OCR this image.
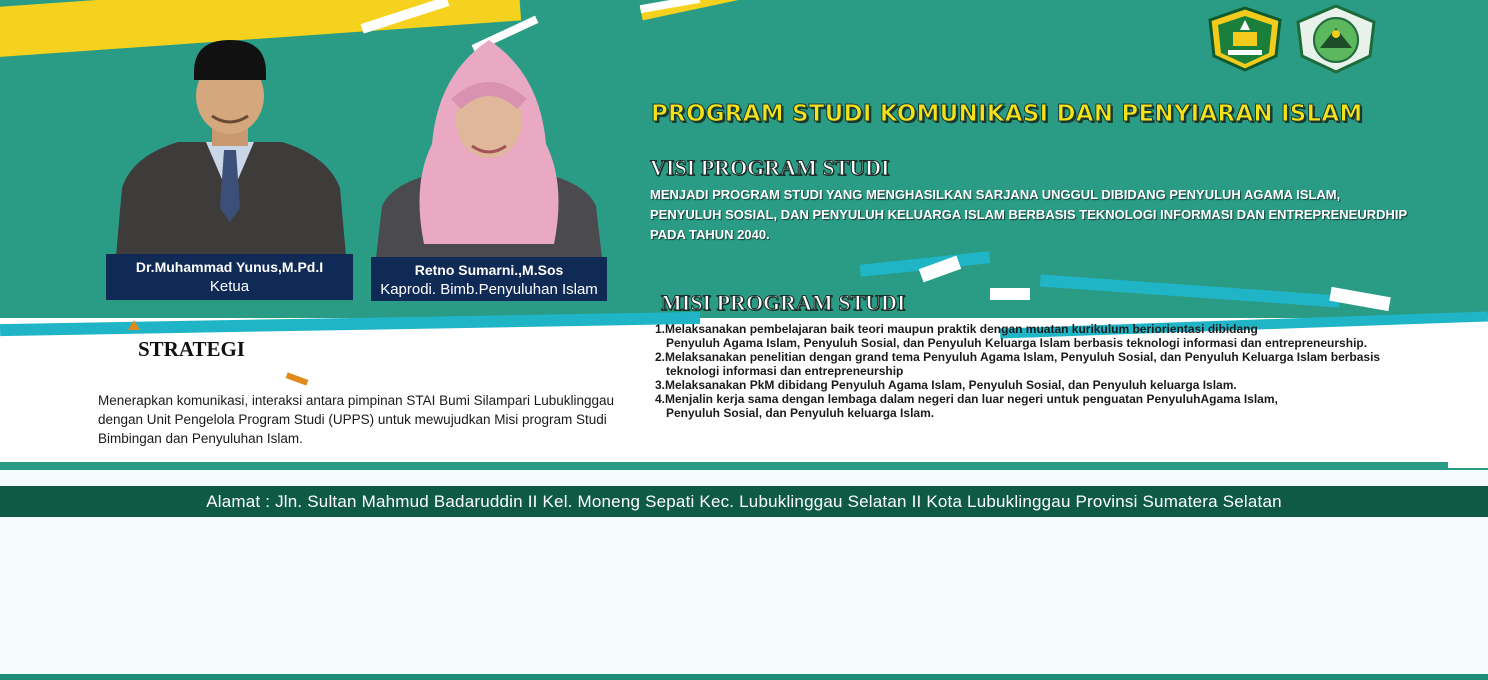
Dr.Muhammad Yunus,M.Pd.I
Ketua
Retno Sumarni.,M.Sos
Kaprodi. Bimb.Penyuluhan Islam
PROGRAM STUDI KOMUNIKASI DAN PENYIARAN ISLAM
VISI PROGRAM STUDI
MENJADI PROGRAM STUDI YANG MENGHASILKAN SARJANA UNGGUL DIBIDANG PENYULUH AGAMA ISLAM, PENYULUH SOSIAL, DAN PENYULUH KELUARGA ISLAM BERBASIS TEKNOLOGI INFORMASI DAN ENTREPRENEURDHIP PADA TAHUN 2040.
MISI PROGRAM STUDI
1.Melaksanakan pembelajaran baik teori maupun praktik dengan muatan kurikulum beriorientasi dibidang
Penyuluh Agama Islam, Penyuluh Sosial, dan Penyuluh Keluarga Islam berbasis teknologi informasi dan entrepreneurship.
2.Melaksanakan penelitian dengan grand tema Penyuluh Agama Islam, Penyuluh Sosial, dan Penyuluh Keluarga Islam berbasis
teknologi informasi dan entrepreneurship
3.Melaksanakan PkM dibidang Penyuluh Agama Islam, Penyuluh Sosial, dan Penyuluh keluarga Islam.
4.Menjalin kerja sama dengan lembaga dalam negeri dan luar negeri untuk penguatan PenyuluhAgama Islam,
Penyuluh Sosial, dan Penyuluh keluarga Islam.
STRATEGI
Menerapkan komunikasi, interaksi antara pimpinan STAI Bumi Silampari Lubuklinggau dengan Unit Pengelola Program Studi (UPPS) untuk mewujudkan Misi program Studi Bimbingan dan Penyuluhan Islam.
Alamat : Jln. Sultan Mahmud Badaruddin II Kel. Moneng Sepati Kec. Lubuklinggau Selatan II Kota Lubuklinggau Provinsi Sumatera Selatan
